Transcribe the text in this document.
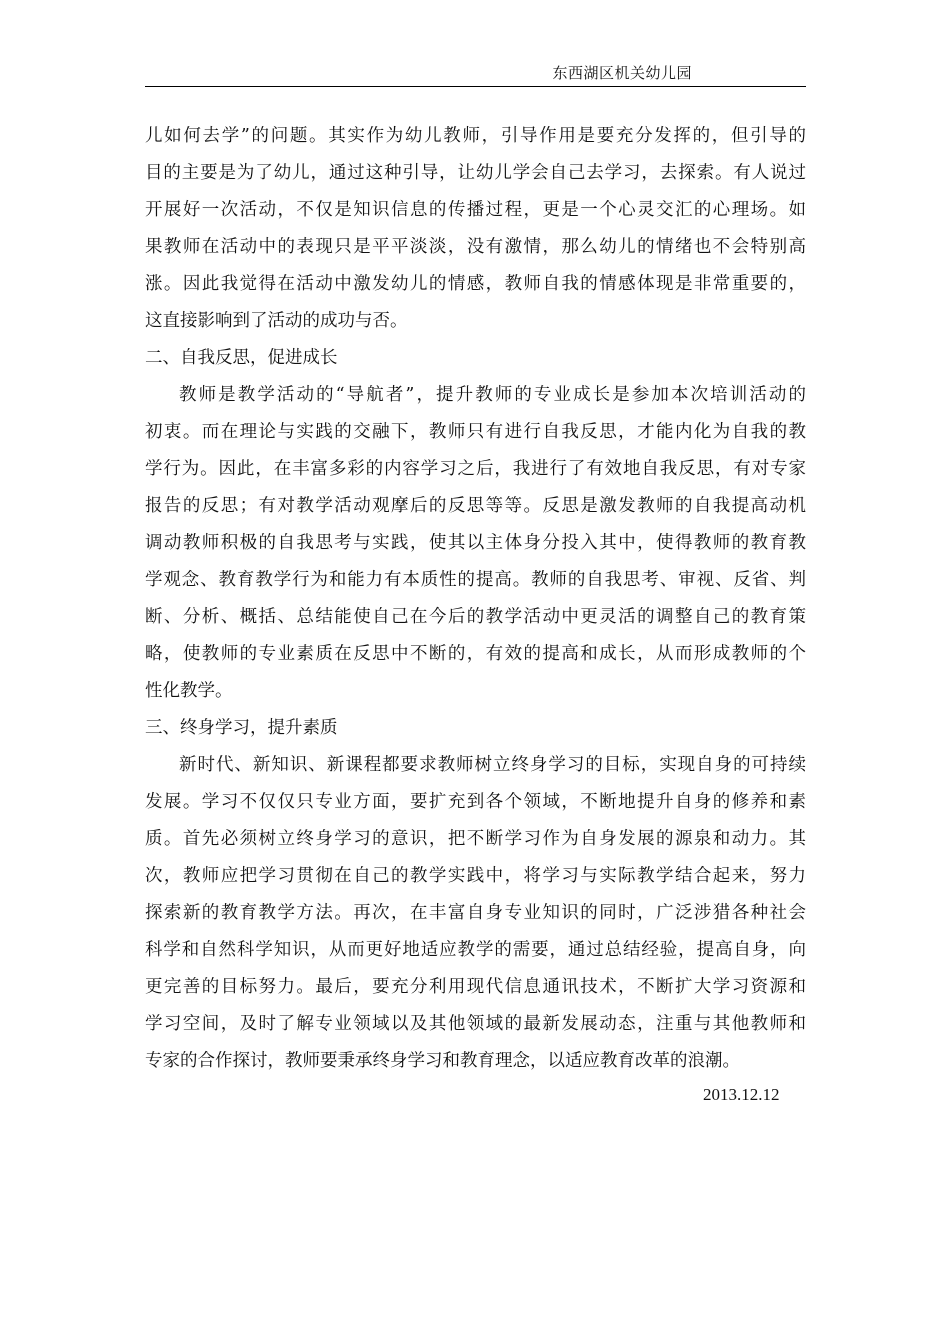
东西湖区机关幼儿园
儿如何去学”的问题。其实作为幼儿教师，引导作用是要充分发挥的，但引导的
目的主要是为了幼儿，通过这种引导，让幼儿学会自己去学习，去探索。有人说过
开展好一次活动，不仅是知识信息的传播过程，更是一个心灵交汇的心理场。如
果教师在活动中的表现只是平平淡淡，没有激情，那么幼儿的情绪也不会特别高
涨。因此我觉得在活动中激发幼儿的情感，教师自我的情感体现是非常重要的，
这直接影响到了活动的成功与否。
二、自我反思，促进成长
教师是教学活动的“导航者”，提升教师的专业成长是参加本次培训活动的
初衷。而在理论与实践的交融下，教师只有进行自我反思，才能内化为自我的教
学行为。因此，在丰富多彩的内容学习之后，我进行了有效地自我反思，有对专家
报告的反思；有对教学活动观摩后的反思等等。反思是激发教师的自我提高动机
调动教师积极的自我思考与实践，使其以主体身分投入其中，使得教师的教育教
学观念、教育教学行为和能力有本质性的提高。教师的自我思考、审视、反省、判
断、分析、概括、总结能使自己在今后的教学活动中更灵活的调整自己的教育策
略，使教师的专业素质在反思中不断的，有效的提高和成长，从而形成教师的个
性化教学。
三、终身学习，提升素质
新时代、新知识、新课程都要求教师树立终身学习的目标，实现自身的可持续
发展。学习不仅仅只专业方面，要扩充到各个领域，不断地提升自身的修养和素
质。首先必须树立终身学习的意识，把不断学习作为自身发展的源泉和动力。其
次，教师应把学习贯彻在自己的教学实践中，将学习与实际教学结合起来，努力
探索新的教育教学方法。再次，在丰富自身专业知识的同时，广泛涉猎各种社会
科学和自然科学知识，从而更好地适应教学的需要，通过总结经验，提高自身，向
更完善的目标努力。最后，要充分利用现代信息通讯技术，不断扩大学习资源和
学习空间，及时了解专业领域以及其他领域的最新发展动态，注重与其他教师和
专家的合作探讨，教师要秉承终身学习和教育理念，以适应教育改革的浪潮。
2013.12.12
